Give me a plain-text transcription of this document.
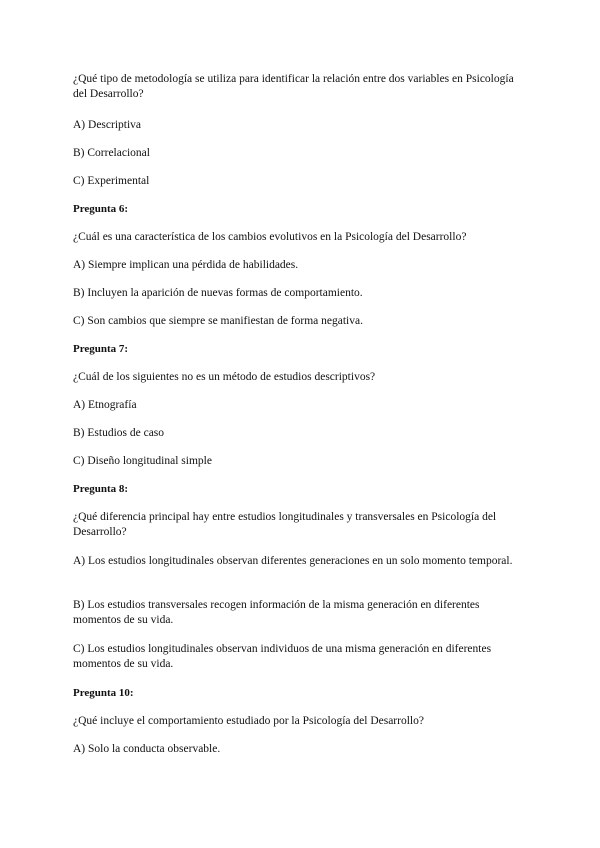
¿Qué tipo de metodología se utiliza para identificar la relación entre dos variables en Psicología del Desarrollo?
A) Descriptiva
B) Correlacional
C) Experimental
Pregunta 6:
¿Cuál es una característica de los cambios evolutivos en la Psicología del Desarrollo?
A) Siempre implican una pérdida de habilidades.
B) Incluyen la aparición de nuevas formas de comportamiento.
C) Son cambios que siempre se manifiestan de forma negativa.
Pregunta 7:
¿Cuál de los siguientes no es un método de estudios descriptivos?
A) Etnografía
B) Estudios de caso
C) Diseño longitudinal simple
Pregunta 8:
¿Qué diferencia principal hay entre estudios longitudinales y transversales en Psicología del Desarrollo?
A) Los estudios longitudinales observan diferentes generaciones en un solo momento temporal.
B) Los estudios transversales recogen información de la misma generación en diferentes momentos de su vida.
C) Los estudios longitudinales observan individuos de una misma generación en diferentes momentos de su vida.
Pregunta 10:
¿Qué incluye el comportamiento estudiado por la Psicología del Desarrollo?
A) Solo la conducta observable.
